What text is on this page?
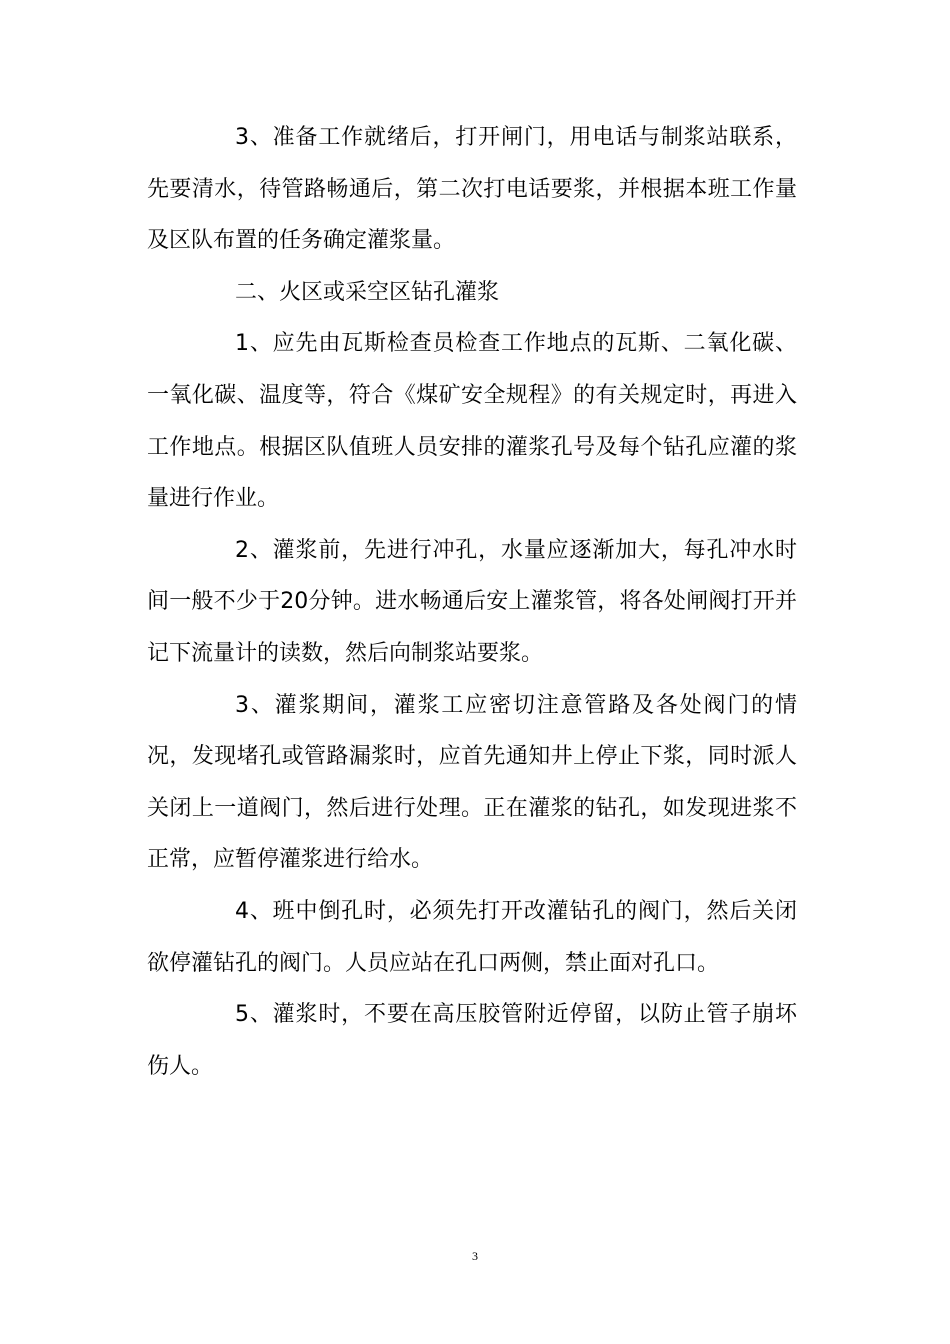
3、准备工作就绪后，打开闸门，用电话与制浆站联系，先要清水，待管路畅通后，第二次打电话要浆，并根据本班工作量及区队布置的任务确定灌浆量。

二、火区或采空区钻孔灌浆

1、应先由瓦斯检查员检查工作地点的瓦斯、二氧化碳、一氧化碳、温度等，符合《煤矿安全规程》的有关规定时，再进入工作地点。根据区队值班人员安排的灌浆孔号及每个钻孔应灌的浆量进行作业。

2、灌浆前，先进行冲孔，水量应逐渐加大，每孔冲水时间一般不少于20分钟。进水畅通后安上灌浆管，将各处闸阀打开并记下流量计的读数，然后向制浆站要浆。

3、灌浆期间，灌浆工应密切注意管路及各处阀门的情况，发现堵孔或管路漏浆时，应首先通知井上停止下浆，同时派人关闭上一道阀门，然后进行处理。正在灌浆的钻孔，如发现进浆不正常，应暂停灌浆进行给水。

4、班中倒孔时，必须先打开改灌钻孔的阀门，然后关闭欲停灌钻孔的阀门。人员应站在孔口两侧，禁止面对孔口。

5、灌浆时，不要在高压胶管附近停留，以防止管子崩坏伤人。

3
